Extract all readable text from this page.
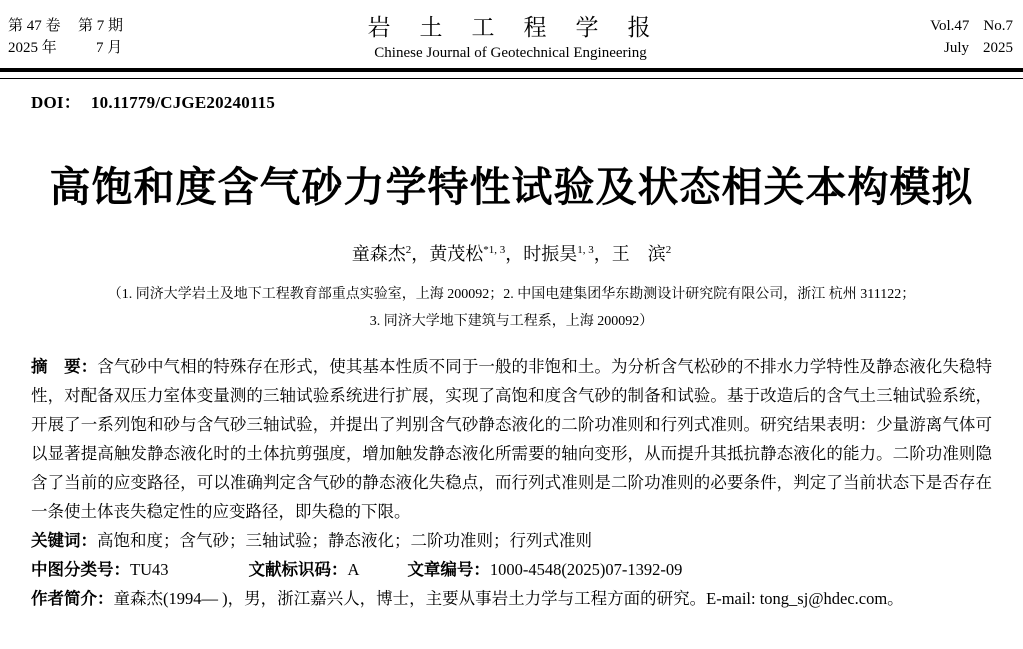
第 47 卷 第 7 期
2025 年	7 月
岩　土　工　程　学　报
Chinese Journal of Geotechnical Engineering
Vol.47 No.7
July 2025
DOI： 10.11779/CJGE20240115
高饱和度含气砂力学特性试验及状态相关本构模拟
童森杰$^2$，黄茂松$^{*1, 3}$，时振昊$^{1, 3}$，王　滨$^2$
（1. 同济大学岩土及地下工程教育部重点实验室，上海 200092；2. 中国电建集团华东勘测设计研究院有限公司，浙江 杭州 311122；
3. 同济大学地下建筑与工程系，上海 200092）

摘　要：含气砂中气相的特殊存在形式，使其基本性质不同于一般的非饱和土。为分析含气松砂的不排水力学特性及静态液化失稳特性，对配备双压力室体变量测的三轴试验系统进行扩展，实现了高饱和度含气砂的制备和试验。基于改造后的含气土三轴试验系统，开展了一系列饱和砂与含气砂三轴试验，并提出了判别含气砂静态液化的二阶功准则和行列式准则。研究结果表明：少量游离气体可以显著提高触发静态液化时的土体抗剪强度，增加触发静态液化所需要的轴向变形，从而提升其抵抗静态液化的能力。二阶功准则隐含了当前的应变路径，可以准确判定含气砂的静态液化失稳点，而行列式准则是二阶功准则的必要条件，判定了当前状态下是否存在一条使土体丧失稳定性的应变路径，即失稳的下限。

关键词：高饱和度；含气砂；三轴试验；静态液化；二阶功准则；行列式准则

中图分类号：TU43	文献标识码：A	文章编号：1000-4548(2025)07-1392-09

作者简介：童森杰(1994— )，男，浙江嘉兴人，博士，主要从事岩土力学与工程方面的研究。E-mail: tong_sj@hdec.com。
